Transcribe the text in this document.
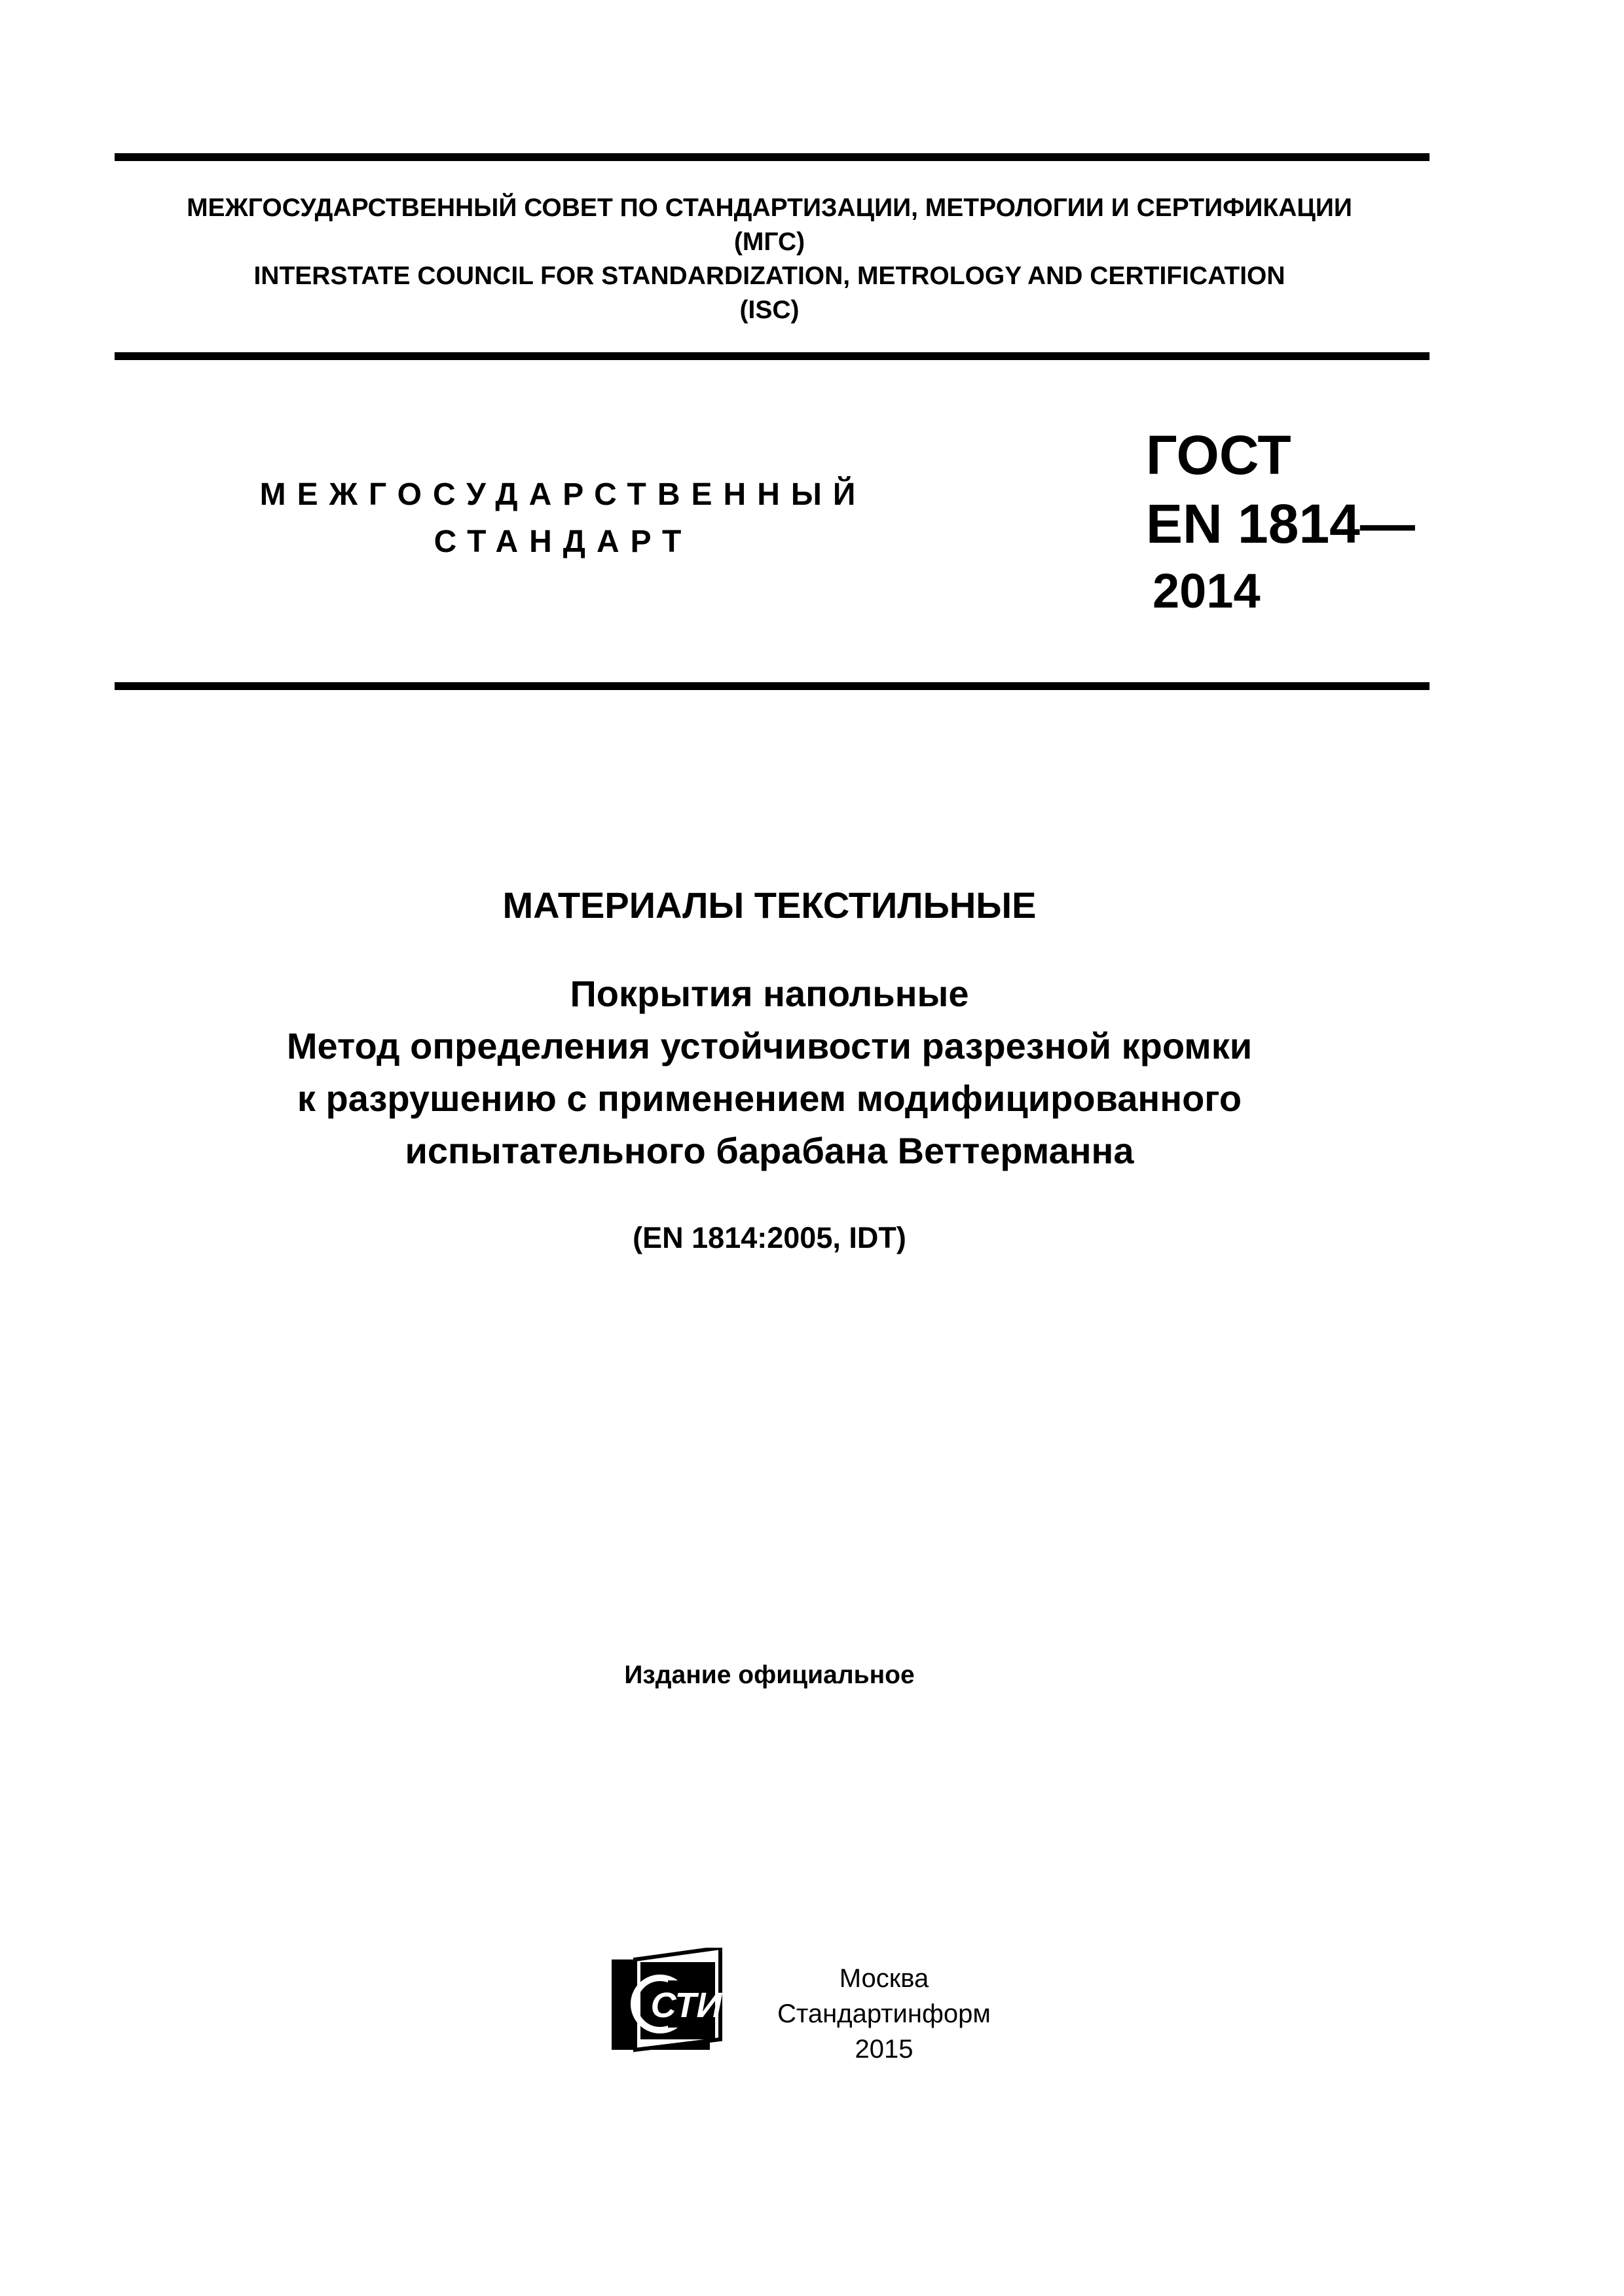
МЕЖГОСУДАРСТВЕННЫЙ СОВЕТ ПО СТАНДАРТИЗАЦИИ, МЕТРОЛОГИИ И СЕРТИФИКАЦИИ
(МГС)
INTERSTATE COUNCIL FOR STANDARDIZATION, METROLOGY AND CERTIFICATION
(ISC)
МЕЖГОСУДАРСТВЕННЫЙ
СТАНДАРТ
ГОСТ
EN 1814—
2014
МАТЕРИАЛЫ ТЕКСТИЛЬНЫЕ
Покрытия напольные
Метод определения устойчивости разрезной кромки
к разрушению с применением модифицированного
испытательного барабана Веттерманна
(EN 1814:2005, IDT)
Издание официальное
СТИ
Москва
Стандартинформ
2015
